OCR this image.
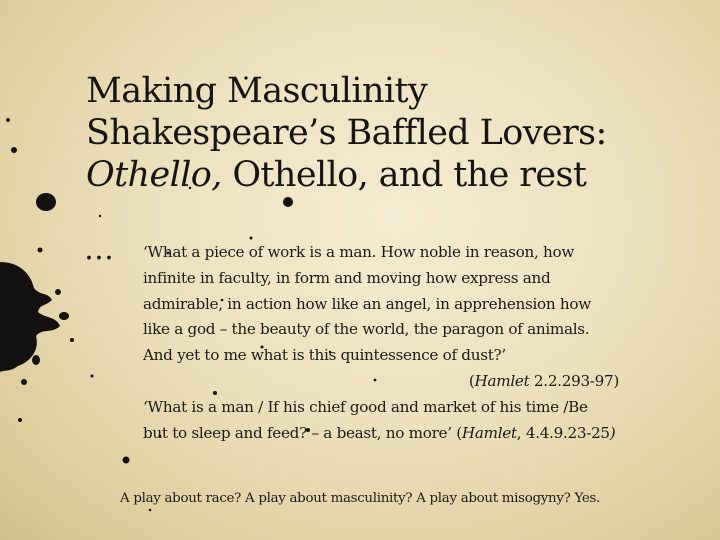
Making Masculinity
Shakespeare’s Baffled Lovers:
Othello, Othello, and the rest
… ‘What a piece of work is a man. How noble in reason, how
infinite in faculty, in form and moving how express and
admirable, in action how like an angel, in apprehension how
like a god – the beauty of the world, the paragon of animals.
And yet to me what is this quintessence of dust?’
(Hamlet 2.2.293-97)
‘What is a man / If his chief good and market of his time /Be
but to sleep and feed? – a beast, no more’ (Hamlet, 4.4.9.23-25)
A play about race? A play about masculinity? A play about misogyny? Yes.
